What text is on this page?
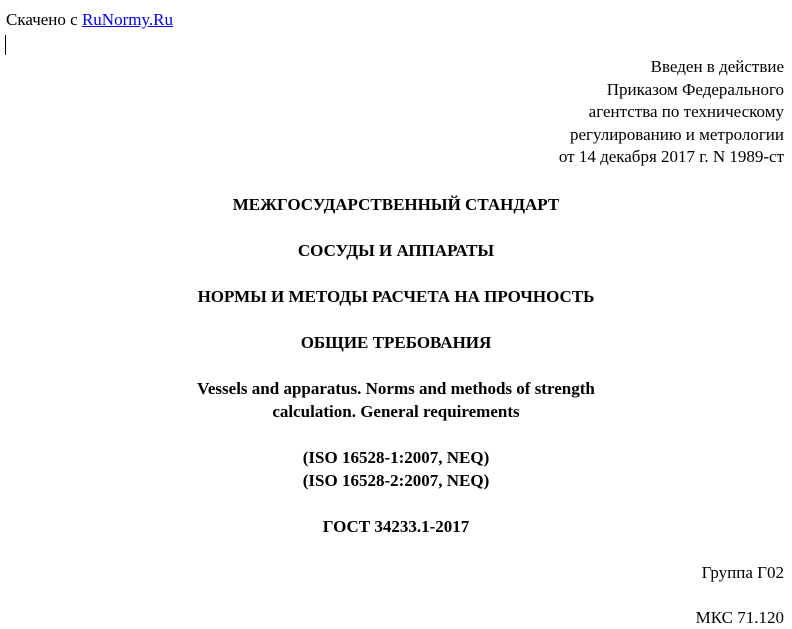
Скачено с RuNormy.Ru
Введен в действие
Приказом Федерального
агентства по техническому
регулированию и метрологии
от 14 декабря 2017 г. N 1989-ст
МЕЖГОСУДАРСТВЕННЫЙ СТАНДАРТ
СОСУДЫ И АППАРАТЫ
НОРМЫ И МЕТОДЫ РАСЧЕТА НА ПРОЧНОСТЬ
ОБЩИЕ ТРЕБОВАНИЯ
Vessels and apparatus. Norms and methods of strength
calculation. General requirements
(ISO 16528-1:2007, NEQ)
(ISO 16528-2:2007, NEQ)
ГОСТ 34233.1-2017
Группа Г02
МКС 71.120
